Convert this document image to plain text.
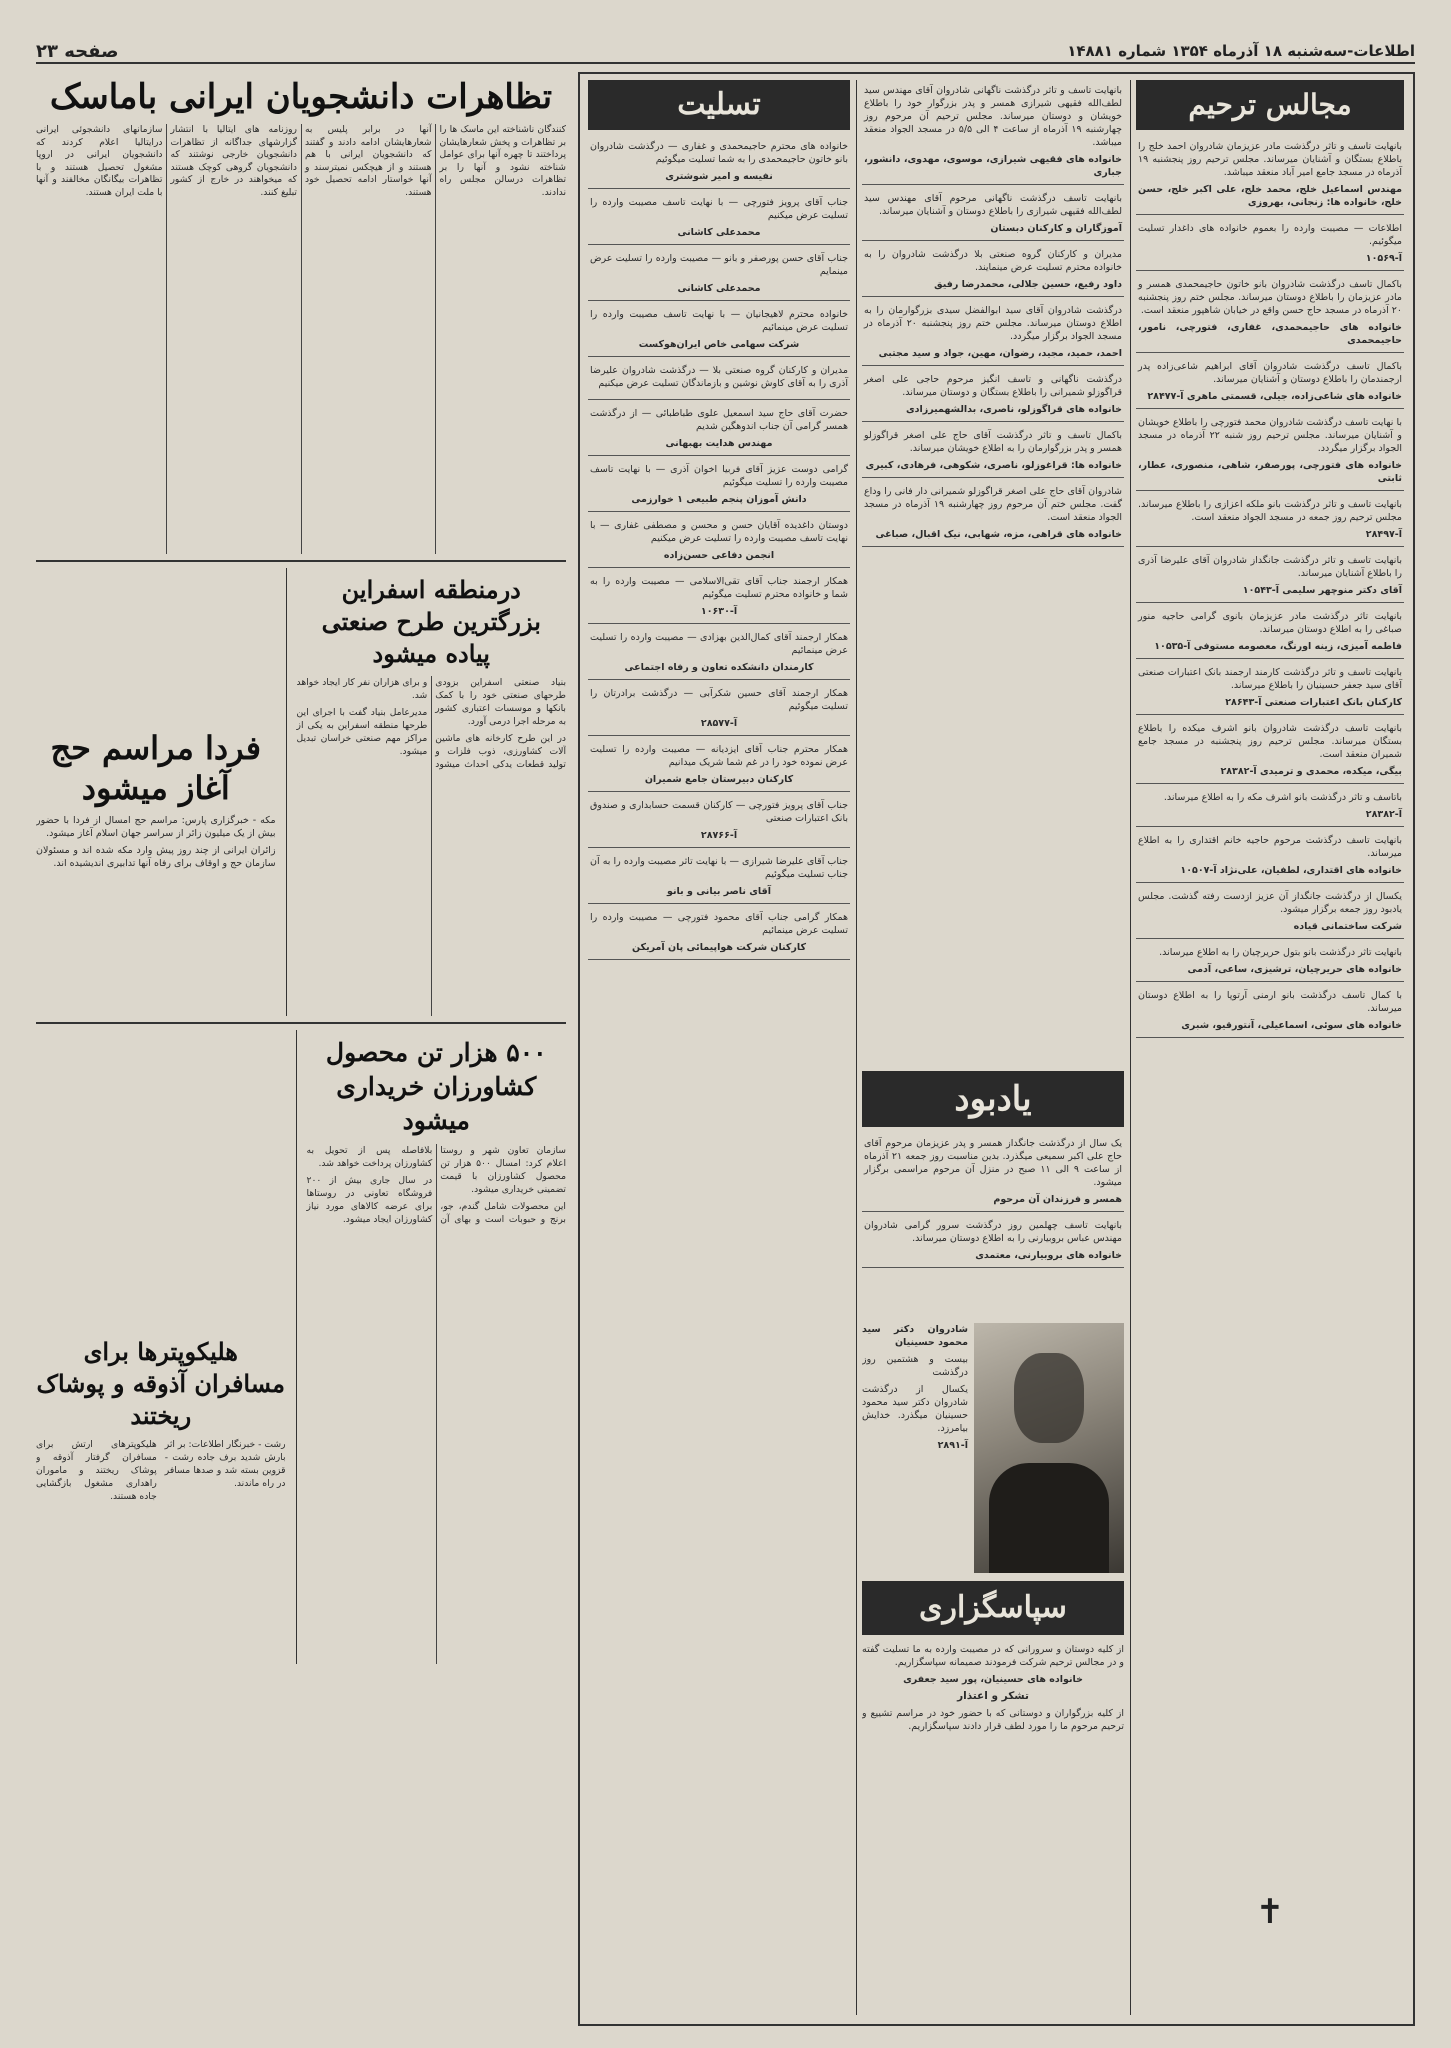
اطلاعات-سه‌شنبه ۱۸ آذرماه ۱۳۵۴ شماره ۱۴۸۸۱
صفحه ۲۳
تظاهرات دانشجویان ایرانی باماسک

کنندگان ناشناخته این ماسک ها را بر تظاهرات و پخش شعارهایشان پرداختند تا چهره آنها برای عوامل شناخته نشود و آنها را بر تظاهرات درسالن مجلس راه ندادند.

آنها در برابر پلیس به شعارهایشان ادامه دادند و گفتند که دانشجویان ایرانی با هم هستند و از هیچکس نمیترسند و آنها خواستار ادامه تحصیل خود هستند.

روزنامه های ایتالیا با انتشار گزارشهای جداگانه از تظاهرات دانشجویان خارجی نوشتند که دانشجویان گروهی کوچک هستند که میخواهند در خارج از کشور تبلیغ کنند.

سازمانهای دانشجوئی ایرانی درایتالیا اعلام کردند که دانشجویان ایرانی در اروپا مشغول تحصیل هستند و با تظاهرات بیگانگان مخالفند و آنها با ملت ایران هستند.

درمنطقه اسفراین بزرگترین طرح صنعتی پیاده میشود

بنیاد صنعتی اسفراین بزودی طرحهای صنعتی خود را با کمک بانکها و موسسات اعتباری کشور به مرحله اجرا درمی آورد.

در این طرح کارخانه های ماشین آلات کشاورزی، ذوب فلزات و تولید قطعات یدکی احداث میشود و برای هزاران نفر کار ایجاد خواهد شد.

مدیرعامل بنیاد گفت با اجرای این طرحها منطقه اسفراین به یکی از مراکز مهم صنعتی خراسان تبدیل میشود.

فردا مراسم حج آغاز میشود

مکه - خبرگزاری پارس: مراسم حج امسال از فردا با حضور بیش از یک میلیون زائر از سراسر جهان اسلام آغاز میشود.

زائران ایرانی از چند روز پیش وارد مکه شده اند و مسئولان سازمان حج و اوقاف برای رفاه آنها تدابیری اندیشیده اند.

۵۰۰ هزار تن محصول کشاورزان خریداری میشود

سازمان تعاون شهر و روستا اعلام کرد: امسال ۵۰۰ هزار تن محصول کشاورزان با قیمت تضمینی خریداری میشود.

این محصولات شامل گندم، جو، برنج و حبوبات است و بهای آن بلافاصله پس از تحویل به کشاورزان پرداخت خواهد شد.

در سال جاری بیش از ۲۰۰ فروشگاه تعاونی در روستاها برای عرضه کالاهای مورد نیاز کشاورزان ایجاد میشود.

هلیکوپترها برای مسافران آذوقه و پوشاک ریختند

رشت - خبرنگار اطلاعات: بر اثر بارش شدید برف جاده رشت - قزوین بسته شد و صدها مسافر در راه ماندند.

هلیکوپترهای ارتش برای مسافران گرفتار آذوقه و پوشاک ریختند و ماموران راهداری مشغول بازگشایی جاده هستند.

تسلیت

خانواده های محترم حاجیمحمدی و غفاری — درگذشت شادروان بانو خاتون حاجیمحمدی را به شما تسلیت میگوئیم

نفیسه و امیر شوشتری

جناب آقای پرویز فتورچی — با نهایت تاسف مصیبت وارده را تسلیت عرض میکنیم

محمدعلی کاشانی

جناب آقای حسن پورصفر و بانو — مصیبت وارده را تسلیت عرض مینمایم

محمدعلی کاشانی

خانواده محترم لاهیجانیان — با نهایت تاسف مصیبت وارده را تسلیت عرض مینمائیم

شرکت سهامی خاص ایران‌هوکست

مدیران و کارکنان گروه صنعتی بلا — درگذشت شادروان علیرضا آذری را به آقای کاوش نوشین و بازماندگان تسلیت عرض میکنیم

حضرت آقای حاج سید اسمعیل علوی طباطبائی — از درگذشت همسر گرامی آن جناب اندوهگین شدیم

مهندس هدایت بهبهانی

گرامی دوست عزیز آقای فربیا اخوان آذری — با نهایت تاسف مصیبت وارده را تسلیت میگوئیم

دانش آموزان پنجم طبیعی ۱ خوارزمی

دوستان داغدیده آقایان حسن و محسن و مصطفی غفاری — با نهایت تاسف مصیبت وارده را تسلیت عرض میکنیم

انجمن دفاعی حسن‌زاده

همکار ارجمند جناب آقای تقی‌الاسلامی — مصیبت وارده را به شما و خانواده محترم تسلیت میگوئیم

آ-۱۰۶۳۰

همکار ارجمند آقای کمال‌الدین بهزادی — مصیبت وارده را تسلیت عرض مینمائیم

کارمندان دانشکده تعاون و رفاه اجتماعی

همکار ارجمند آقای حسین شکرآبی — درگذشت برادرتان را تسلیت میگوئیم

آ-۲۸۵۷۷

همکار محترم جناب آقای ایزدیانه — مصیبت وارده را تسلیت عرض نموده خود را در غم شما شریک میدانیم

کارکنان دبیرستان جامع شمیران

جناب آقای پرویز فتورچی — کارکنان قسمت حسابداری و صندوق بانک اعتبارات صنعتی

آ-۲۸۷۶۶

جناب آقای علیرضا شیرازی — با نهایت تاثر مصیبت وارده را به آن جناب تسلیت میگوئیم

آقای ناصر بیانی و بانو

همکار گرامی جناب آقای محمود فتورچی — مصیبت وارده را تسلیت عرض مینمائیم

کارکنان شرکت هواپیمائی پان آمریکن

بانهایت تاسف و تاثر درگذشت ناگهانی شادروان آقای مهندس سید لطف‌الله فقیهی شیرازی همسر و پدر بزرگوار خود را باطلاع خویشان و دوستان میرساند. مجلس ترحیم آن مرحوم روز چهارشنبه ۱۹ آذرماه از ساعت ۴ الی ۵/۵ در مسجد الجواد منعقد میباشد.

خانواده های فقیهی شیرازی، موسوی، مهدوی، دانشور، جباری

بانهایت تاسف درگذشت ناگهانی مرحوم آقای مهندس سید لطف‌الله فقیهی شیرازی را باطلاع دوستان و آشنایان میرساند.

آموزگاران و کارکنان دبستان

مدیران و کارکنان گروه صنعتی بلا درگذشت شادروان را به خانواده محترم تسلیت عرض مینمایند.

داود رفیع، حسین جلالی، محمدرضا رفیق

درگذشت شادروان آقای سید ابوالفضل سیدی بزرگوارمان را به اطلاع دوستان میرساند. مجلس ختم روز پنجشنبه ۲۰ آذرماه در مسجد الجواد برگزار میگردد.

احمد، حمید، مجید، رضوان، مهین، جواد و سید مجتبی

درگذشت ناگهانی و تاسف انگیز مرحوم حاجی علی اصغر قراگوزلو شمیرانی را باطلاع بستگان و دوستان میرساند.

خانواده های قراگوزلو، ناصری، بدالشهمیرزادی

باکمال تاسف و تاثر درگذشت آقای حاج علی اصغر قراگوزلو همسر و پدر بزرگوارمان را به اطلاع خویشان میرساند.

خانواده ها: قراغوزلو، ناصری، شکوهی، فرهادی، کبیری

شادروان آقای حاج علی اصغر قراگوزلو شمیرانی دار فانی را وداع گفت. مجلس ختم آن مرحوم روز چهارشنبه ۱۹ آذرماه در مسجد الجواد منعقد است.

خانواده های قراهی، مزه، شهابی، نیک اقبال، صباغی
یادبود

یک سال از درگذشت جانگداز همسر و پدر عزیزمان مرحوم آقای حاج علی اکبر سمیعی میگذرد. بدین مناسبت روز جمعه ۲۱ آذرماه از ساعت ۹ الی ۱۱ صبح در منزل آن مرحوم مراسمی برگزار میشود.

همسر و فرزندان آن مرحوم

بانهایت تاسف چهلمین روز درگذشت سرور گرامی شادروان مهندس عباس بروبیارنی را به اطلاع دوستان میرساند.

خانواده های بروبیارنی، معتمدی

شادروان دکتر سید محمود حسینیان

بیست و هشتمین روز درگذشت

یکسال از درگذشت شادروان دکتر سید محمود حسینیان میگذرد. خدایش بیامرزد.

آ-۲۸۹۱

سپاسگزاری

از کلیه دوستان و سرورانی که در مصیبت وارده به ما تسلیت گفته و در مجالس ترحیم شرکت فرمودند صمیمانه سپاسگزاریم.

خانواده های حسینیان، پور سید جعفری

تشکر و اعتذار

از کلیه بزرگواران و دوستانی که با حضور خود در مراسم تشییع و ترحیم مرحوم ما را مورد لطف قرار دادند سپاسگزاریم.

مجالس ترحیم

بانهایت تاسف و تاثر درگذشت مادر عزیزمان شادروان احمد خلج را باطلاع بستگان و آشنایان میرساند. مجلس ترحیم روز پنجشنبه ۱۹ آذرماه در مسجد جامع امیر آباد منعقد میباشد.

مهندس اسماعیل خلج، محمد خلج، علی اکبر خلج، حسن خلج، خانواده ها: زنجانی، بهروزی

اطلاعات — مصیبت وارده را بعموم خانواده های داغدار تسلیت میگوئیم.

آ-۱۰۵۶۹

باکمال تاسف درگذشت شادروان بانو خاتون حاجیمحمدی همسر و مادر عزیزمان را باطلاع دوستان میرساند. مجلس ختم روز پنجشنبه ۲۰ آذرماه در مسجد حاج حسن واقع در خیابان شاهپور منعقد است.

خانواده های حاجیمحمدی، غفاری، فتورچی، نامور، حاجیمحمدی

باکمال تاسف درگذشت شادروان آقای ابراهیم شاعی‌زاده پدر ارجمندمان را باطلاع دوستان و آشنایان میرساند.

خانواده های شاعی‌زاده، جیلی، قسمتی ماهری آ-۲۸۴۷۷

با نهایت تاسف درگذشت شادروان محمد فتورچی را باطلاع خویشان و آشنایان میرساند. مجلس ترحیم روز شنبه ۲۲ آذرماه در مسجد الجواد برگزار میگردد.

خانواده های فتورچی، پورصفر، شاهی، منصوری، عطار، ثابتی

بانهایت تاسف و تاثر درگذشت بانو ملکه اعزازی را باطلاع میرساند. مجلس ترحیم روز جمعه در مسجد الجواد منعقد است.

آ-۲۸۴۹۷

بانهایت تاسف و تاثر درگذشت جانگداز شادروان آقای علیرضا آذری را باطلاع آشنایان میرساند.

آقای دکتر منوچهر سلیمی آ-۱۰۵۴۳

بانهایت تاثر درگذشت مادر عزیزمان بانوی گرامی حاجیه منور صباغی را به اطلاع دوستان میرساند.

فاطمه آمیزی، زینه اورنگ، معصومه مستوفی آ-۱۰۵۳۵

بانهایت تاسف و تاثر درگذشت کارمند ارجمند بانک اعتبارات صنعتی آقای سید جعفر حسینیان را باطلاع میرساند.

کارکنان بانک اعتبارات صنعتی آ-۲۸۶۴۳

بانهایت تاسف درگذشت شادروان بانو اشرف میکده را باطلاع بستگان میرساند. مجلس ترحیم روز پنجشنبه در مسجد جامع شمیران منعقد است.

بیگی، میکده، محمدی و ترمیدی آ-۲۸۳۸۲

باتاسف و تاثر درگذشت بانو اشرف مکه را به اطلاع میرساند.

آ-۲۸۳۸۲

بانهایت تاسف درگذشت مرحوم حاجیه خانم اقتداری را به اطلاع میرساند.

خانواده های اقتداری، لطفیان، علی‌نژاد آ-۱۰۵۰۷

یکسال از درگذشت جانگداز آن عزیز ازدست رفته گذشت. مجلس یادبود روز جمعه برگزار میشود.

شرکت ساختمانی قیاده

بانهایت تاثر درگذشت بانو بتول حریرچیان را به اطلاع میرساند.

خانواده های حریرچیان، ترشیزی، ساعی، آدمی

با کمال تاسف درگذشت بانو ارمنی آرتوپا را به اطلاع دوستان میرساند.

خانواده های سوئی، اسماعیلی، آنتورقیو، شبری
✝
